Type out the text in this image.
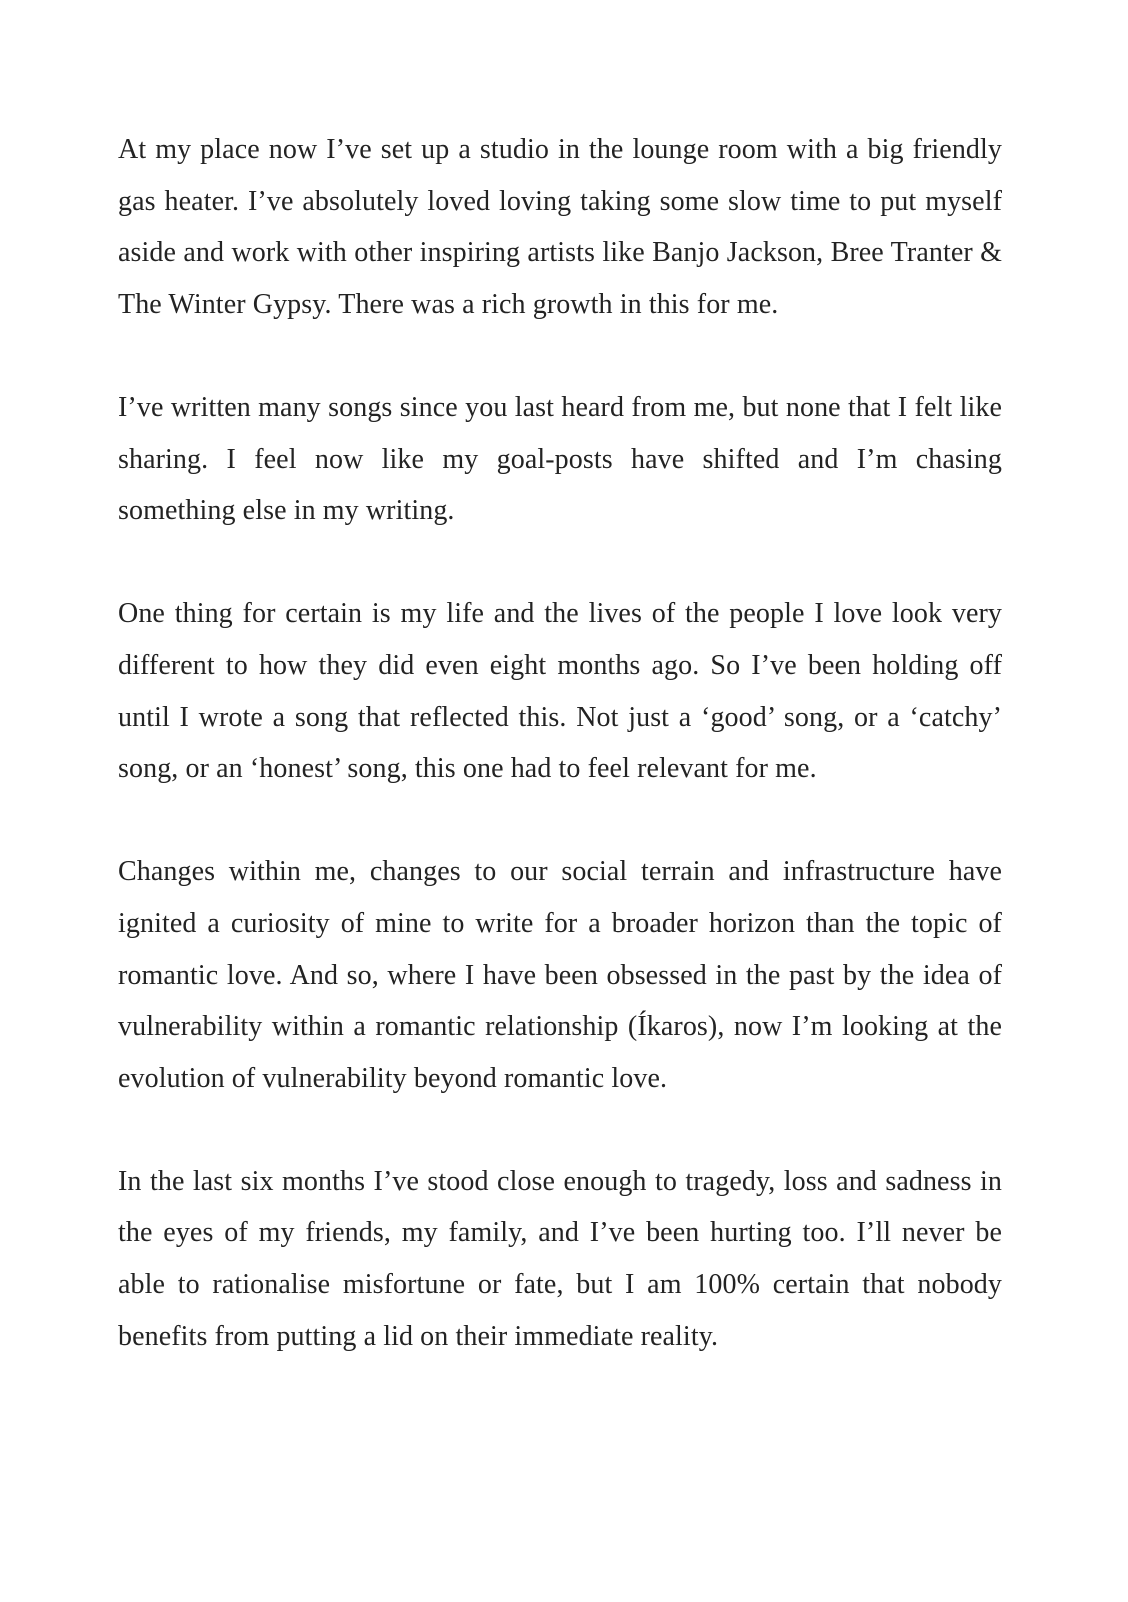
At my place now I’ve set up a studio in the lounge room with a big friendly gas heater. I’ve absolutely loved loving taking some slow time to put myself aside and work with other inspiring artists like Banjo Jackson, Bree Tranter & The Winter Gypsy. There was a rich growth in this for me.

I’ve written many songs since you last heard from me, but none that I felt like sharing. I feel now like my goal-posts have shifted and I’m chasing something else in my writing.

One thing for certain is my life and the lives of the people I love look very different to how they did even eight months ago. So I’ve been holding off until I wrote a song that reflected this. Not just a ‘good’ song, or a ‘catchy’ song, or an ‘honest’ song, this one had to feel relevant for me.

Changes within me, changes to our social terrain and infrastructure have ignited a curiosity of mine to write for a broader horizon than the topic of romantic love. And so, where I have been obsessed in the past by the idea of vulnerability within a romantic relationship (Íkaros), now I’m looking at the evolution of vulnerability beyond romantic love.

In the last six months I’ve stood close enough to tragedy, loss and sadness in the eyes of my friends, my family, and I’ve been hurting too. I’ll never be able to rationalise misfortune or fate, but I am 100% certain that nobody benefits from putting a lid on their immediate reality.
